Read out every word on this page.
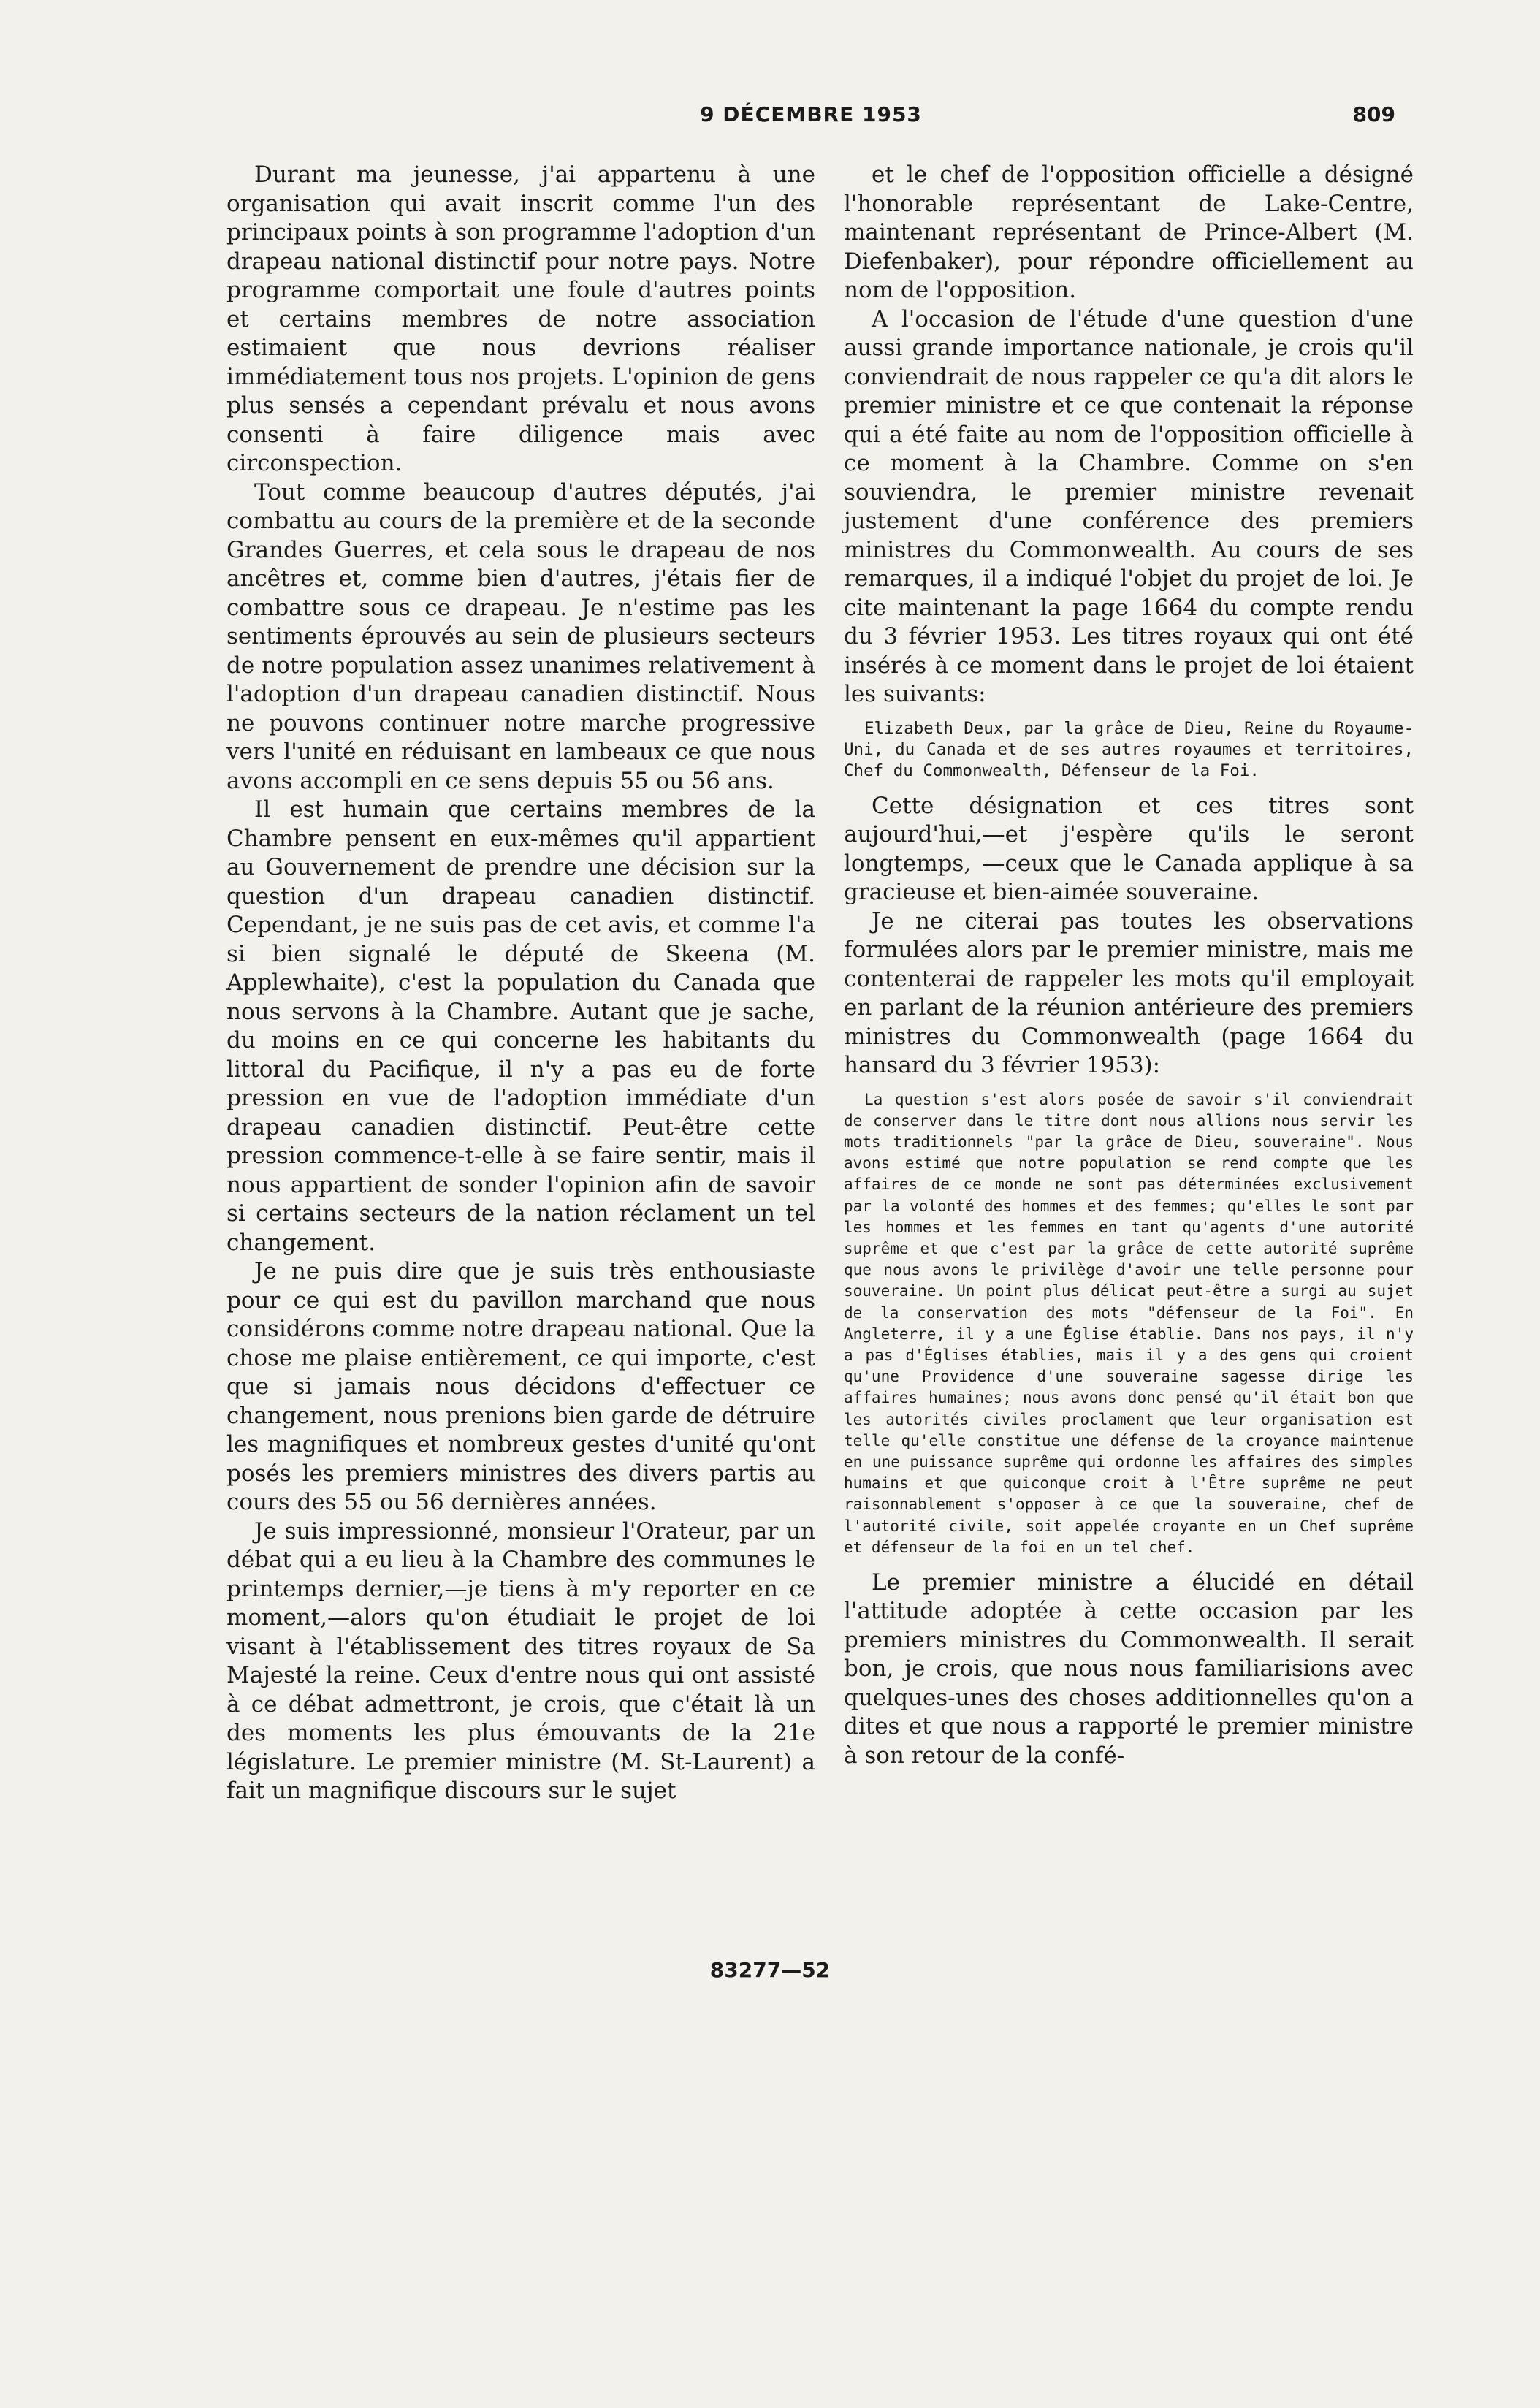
9 DÉCEMBRE 1953	809

Durant ma jeunesse, j'ai appartenu à une organisation qui avait inscrit comme l'un des principaux points à son programme l'adoption d'un drapeau national distinctif pour notre pays. Notre programme comportait une foule d'autres points et certains membres de notre association estimaient que nous devrions réaliser immédiatement tous nos projets. L'opinion de gens plus sensés a cependant prévalu et nous avons consenti à faire diligence mais avec circonspection.

Tout comme beaucoup d'autres députés, j'ai combattu au cours de la première et de la seconde Grandes Guerres, et cela sous le drapeau de nos ancêtres et, comme bien d'autres, j'étais fier de combattre sous ce drapeau. Je n'estime pas les sentiments éprouvés au sein de plusieurs secteurs de notre population assez unanimes relativement à l'adoption d'un drapeau canadien distinctif. Nous ne pouvons continuer notre marche progressive vers l'unité en réduisant en lambeaux ce que nous avons accompli en ce sens depuis 55 ou 56 ans.

Il est humain que certains membres de la Chambre pensent en eux-mêmes qu'il appartient au Gouvernement de prendre une décision sur la question d'un drapeau canadien distinctif. Cependant, je ne suis pas de cet avis, et comme l'a si bien signalé le député de Skeena (M. Applewhaite), c'est la population du Canada que nous servons à la Chambre. Autant que je sache, du moins en ce qui concerne les habitants du littoral du Pacifique, il n'y a pas eu de forte pression en vue de l'adoption immédiate d'un drapeau canadien distinctif. Peut-être cette pression commence-t-elle à se faire sentir, mais il nous appartient de sonder l'opinion afin de savoir si certains secteurs de la nation réclament un tel changement.

Je ne puis dire que je suis très enthousiaste pour ce qui est du pavillon marchand que nous considérons comme notre drapeau national. Que la chose me plaise entièrement, ce qui importe, c'est que si jamais nous décidons d'effectuer ce changement, nous prenions bien garde de détruire les magnifiques et nombreux gestes d'unité qu'ont posés les premiers ministres des divers partis au cours des 55 ou 56 dernières années.

Je suis impressionné, monsieur l'Orateur, par un débat qui a eu lieu à la Chambre des communes le printemps dernier,—je tiens à m'y reporter en ce moment,—alors qu'on étudiait le projet de loi visant à l'établissement des titres royaux de Sa Majesté la reine. Ceux d'entre nous qui ont assisté à ce débat admettront, je crois, que c'était là un des moments les plus émouvants de la 21e législature. Le premier ministre (M. St-Laurent) a fait un magnifique discours sur le sujet

et le chef de l'opposition officielle a désigné l'honorable représentant de Lake-Centre, maintenant représentant de Prince-Albert (M. Diefenbaker), pour répondre officiellement au nom de l'opposition.

A l'occasion de l'étude d'une question d'une aussi grande importance nationale, je crois qu'il conviendrait de nous rappeler ce qu'a dit alors le premier ministre et ce que contenait la réponse qui a été faite au nom de l'opposition officielle à ce moment à la Chambre. Comme on s'en souviendra, le premier ministre revenait justement d'une conférence des premiers ministres du Commonwealth. Au cours de ses remarques, il a indiqué l'objet du projet de loi. Je cite maintenant la page 1664 du compte rendu du 3 février 1953. Les titres royaux qui ont été insérés à ce moment dans le projet de loi étaient les suivants:

Elizabeth Deux, par la grâce de Dieu, Reine du Royaume-Uni, du Canada et de ses autres royaumes et territoires, Chef du Commonwealth, Défenseur de la Foi.

Cette désignation et ces titres sont aujourd'hui,—et j'espère qu'ils le seront longtemps, —ceux que le Canada applique à sa gracieuse et bien-aimée souveraine.

Je ne citerai pas toutes les observations formulées alors par le premier ministre, mais me contenterai de rappeler les mots qu'il employait en parlant de la réunion antérieure des premiers ministres du Commonwealth (page 1664 du hansard du 3 février 1953):

La question s'est alors posée de savoir s'il conviendrait de conserver dans le titre dont nous allions nous servir les mots traditionnels "par la grâce de Dieu, souveraine". Nous avons estimé que notre population se rend compte que les affaires de ce monde ne sont pas déterminées exclusivement par la volonté des hommes et des femmes; qu'elles le sont par les hommes et les femmes en tant qu'agents d'une autorité suprême et que c'est par la grâce de cette autorité suprême que nous avons le privilège d'avoir une telle personne pour souveraine. Un point plus délicat peut-être a surgi au sujet de la conservation des mots "défenseur de la Foi". En Angleterre, il y a une Église établie. Dans nos pays, il n'y a pas d'Églises établies, mais il y a des gens qui croient qu'une Providence d'une souveraine sagesse dirige les affaires humaines; nous avons donc pensé qu'il était bon que les autorités civiles proclament que leur organisation est telle qu'elle constitue une défense de la croyance maintenue en une puissance suprême qui ordonne les affaires des simples humains et que quiconque croit à l'Être suprême ne peut raisonnablement s'opposer à ce que la souveraine, chef de l'autorité civile, soit appelée croyante en un Chef suprême et défenseur de la foi en un tel chef.

Le premier ministre a élucidé en détail l'attitude adoptée à cette occasion par les premiers ministres du Commonwealth. Il serait bon, je crois, que nous nous familiarisions avec quelques-unes des choses additionnelles qu'on a dites et que nous a rapporté le premier ministre à son retour de la confé-

83277—52
